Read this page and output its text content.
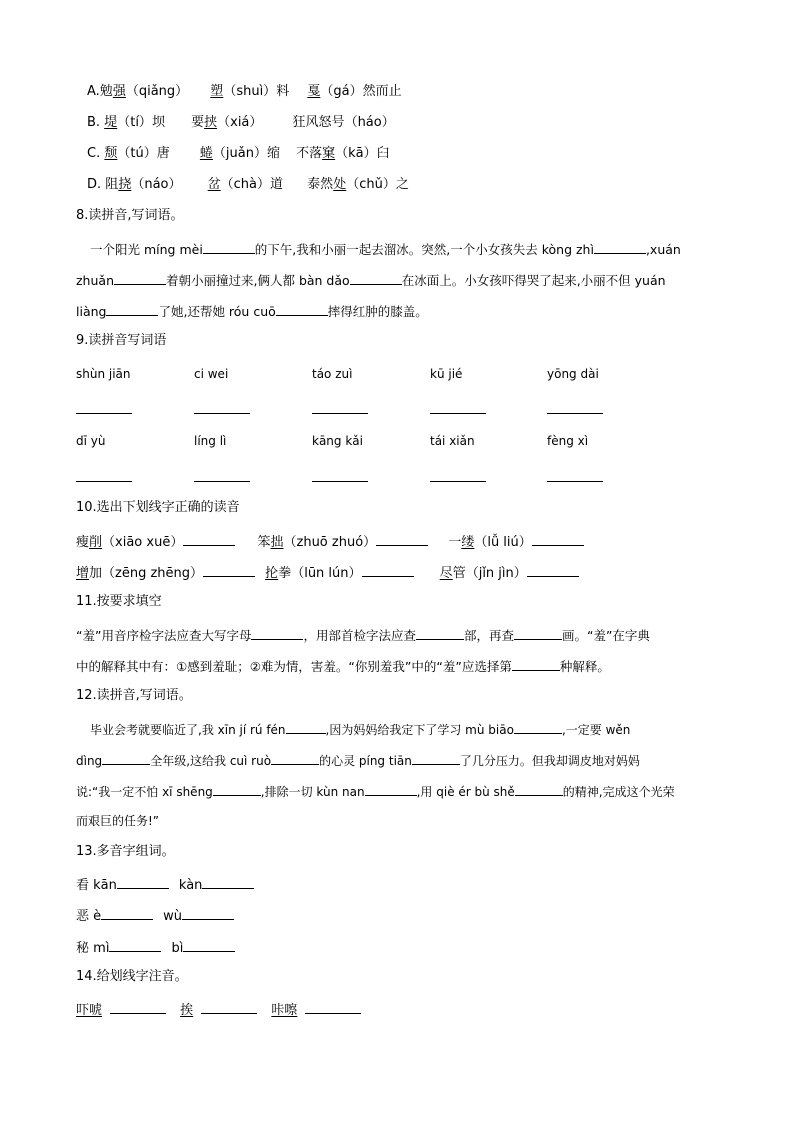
A.勉强（qiǎng） 塑（shuì）料 戛（gá）然而止
B. 堤（tí）坝 要挟（xiá） 狂风怒号（háo）
C. 颓（tú）唐 蜷（juǎn）缩 不落窠（kā）臼
D. 阻挠（náo） 岔（chà）道 泰然处（chǔ）之
8.读拼音,写词语。
一个阳光 míng mèi	的下午,我和小丽一起去溜冰。突然,一个小女孩失去 kòng zhì	,xuán
zhuǎn	着朝小丽撞过来,俩人都 bàn dǎo	在冰面上。小女孩吓得哭了起来,小丽不但 yuán
liàng	了她,还帮她 róu cuō	摔得红肿的膝盖。
9.读拼音写词语
shùn jiān	ci wei	táo zuì	kū jié	yōng dài
dī yù	líng lì	kāng kǎi	tái xiǎn	fèng xì
10.选出下划线字正确的读音
瘦削（xiāo xuē）	笨拙（zhuō zhuó）	一缕（lǚ liú）
增加（zēng zhēng）	抡拳（lūn lún）	尽管（jǐn jìn）
11.按要求填空
“羞”用音序检字法应查大写字母	，用部首检字法应查	部，再查	画。“羞”在字典
中的解释其中有：①感到羞耻；②难为情，害羞。“你别羞我”中的“羞”应选择第	种解释。
12.读拼音,写词语。
毕业会考就要临近了,我 xīn jí rú fén	,因为妈妈给我定下了学习 mù biāo	,一定要 wěn
dìng	全年级,这给我 cuì ruò	的心灵 píng tiān	了几分压力。但我却调皮地对妈妈
说:“我一定不怕 xī shēng	,排除一切 kùn nan	,用 qiè ér bù shě	的精神,完成这个光荣
而艰巨的任务!”
13.多音字组词。
看 kān	kàn
恶 è	wù
秘 mì	bì
14.给划线字注音。
吓唬	挨	咔嚓
